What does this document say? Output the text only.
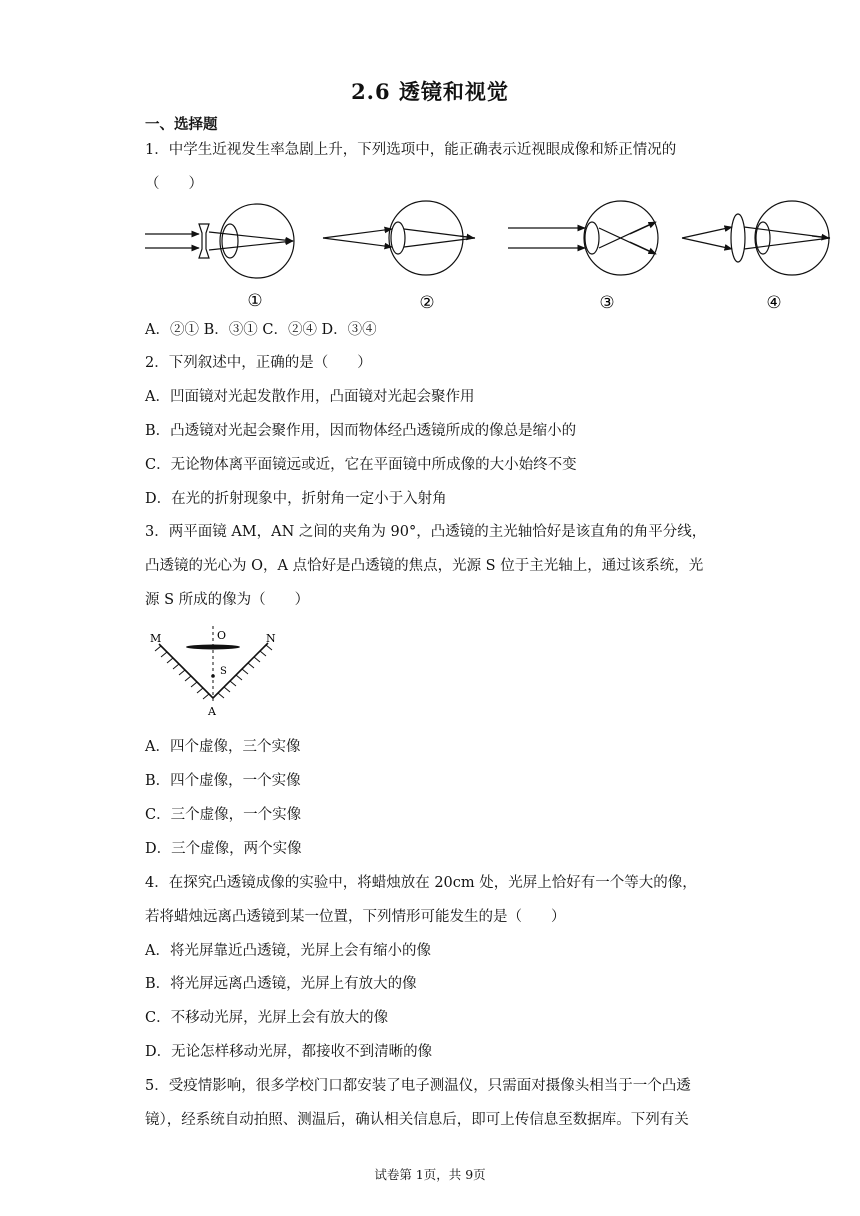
2.6 透镜和视觉
一、选择题
1．中学生近视发生率急剧上升，下列选项中，能正确表示近视眼成像和矫正情况的
（　　）
①	②	③	④
A．②① B．③① C．②④ D．③④
2．下列叙述中，正确的是（　　）
A．凹面镜对光起发散作用，凸面镜对光起会聚作用
B．凸透镜对光起会聚作用，因而物体经凸透镜所成的像总是缩小的
C．无论物体离平面镜远或近，它在平面镜中所成像的大小始终不变
D．在光的折射现象中，折射角一定小于入射角
3．两平面镜 AM，AN 之间的夹角为 90°，凸透镜的主光轴恰好是该直角的角平分线，
凸透镜的光心为 O，A 点恰好是凸透镜的焦点，光源 S 位于主光轴上，通过该系统，光
源 S 所成的像为（　　）
M	O	N
S
A
A．四个虚像，三个实像
B．四个虚像，一个实像
C．三个虚像，一个实像
D．三个虚像，两个实像
4．在探究凸透镜成像的实验中，将蜡烛放在 20cm 处，光屏上恰好有一个等大的像，
若将蜡烛远离凸透镜到某一位置，下列情形可能发生的是（　　）
A．将光屏靠近凸透镜，光屏上会有缩小的像
B．将光屏远离凸透镜，光屏上有放大的像
C．不移动光屏，光屏上会有放大的像
D．无论怎样移动光屏，都接收不到清晰的像
5．受疫情影响，很多学校门口都安装了电子测温仪，只需面对摄像头相当于一个凸透
镜），经系统自动拍照、测温后，确认相关信息后，即可上传信息至数据库。下列有关
试卷第 1页，共 9页
